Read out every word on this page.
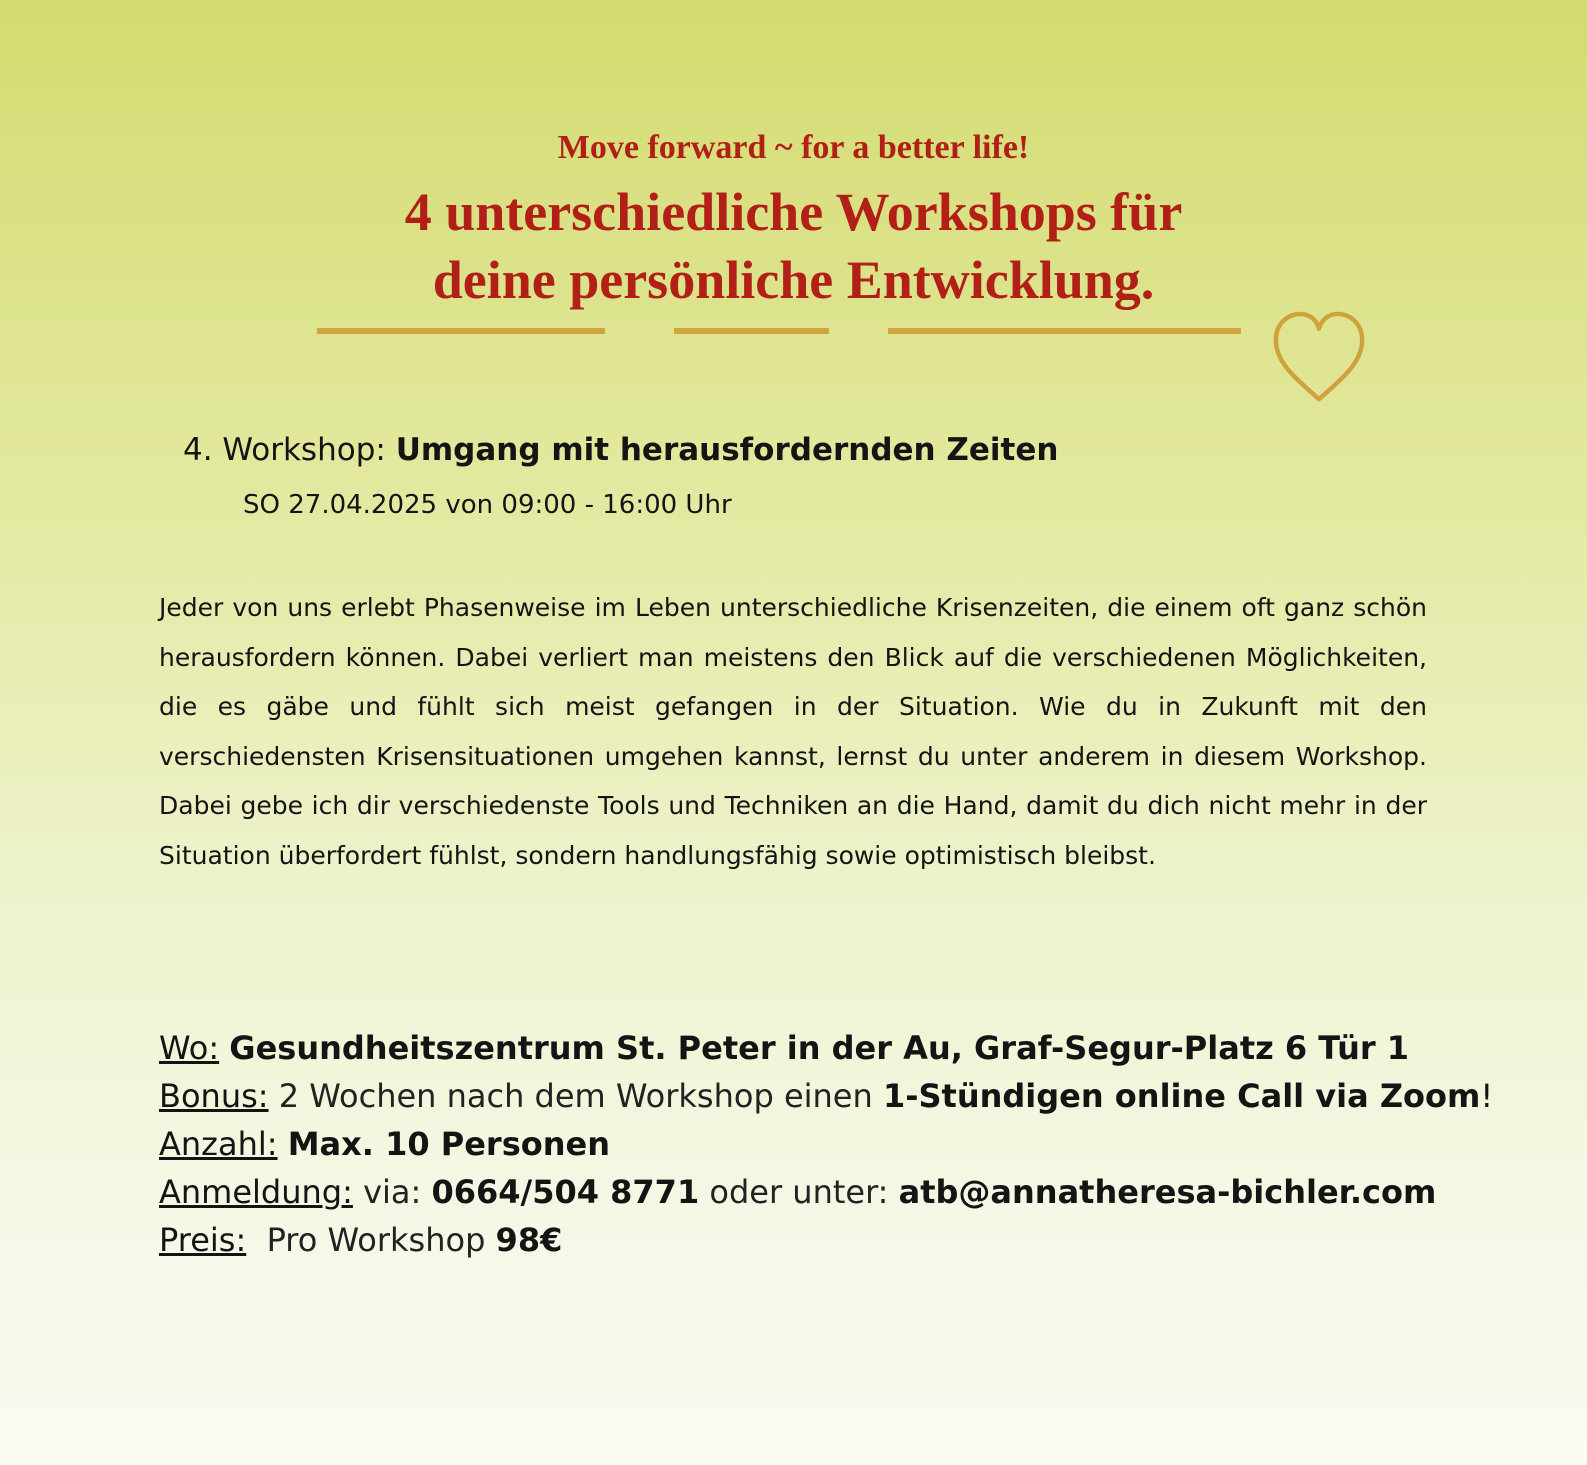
Move forward ~ for a better life!
4 unterschiedliche Workshops für
deine persönliche Entwicklung.
4. Workshop: Umgang mit herausfordernden Zeiten
SO 27.04.2025 von 09:00 - 16:00 Uhr

Jeder von uns erlebt Phasenweise im Leben unterschiedliche Krisenzeiten, die einem oft ganz schön herausfordern können. Dabei verliert man meistens den Blick auf die verschiedenen Möglichkeiten, die es gäbe und fühlt sich meist gefangen in der Situation. Wie du in Zukunft mit den verschiedensten Krisensituationen umgehen kannst, lernst du unter anderem in diesem Workshop. Dabei gebe ich dir verschiedenste Tools und Techniken an die Hand, damit du dich nicht mehr in der Situation überfordert fühlst, sondern handlungsfähig sowie optimistisch bleibst.

Wo: Gesundheitszentrum St. Peter in der Au, Graf-Segur-Platz 6 Tür 1
Bonus: 2 Wochen nach dem Workshop einen 1-Stündigen online Call via Zoom!
Anzahl: Max. 10 Personen
Anmeldung: via: 0664/504 8771 oder unter: atb@annatheresa-bichler.com
Preis: Pro Workshop 98€
